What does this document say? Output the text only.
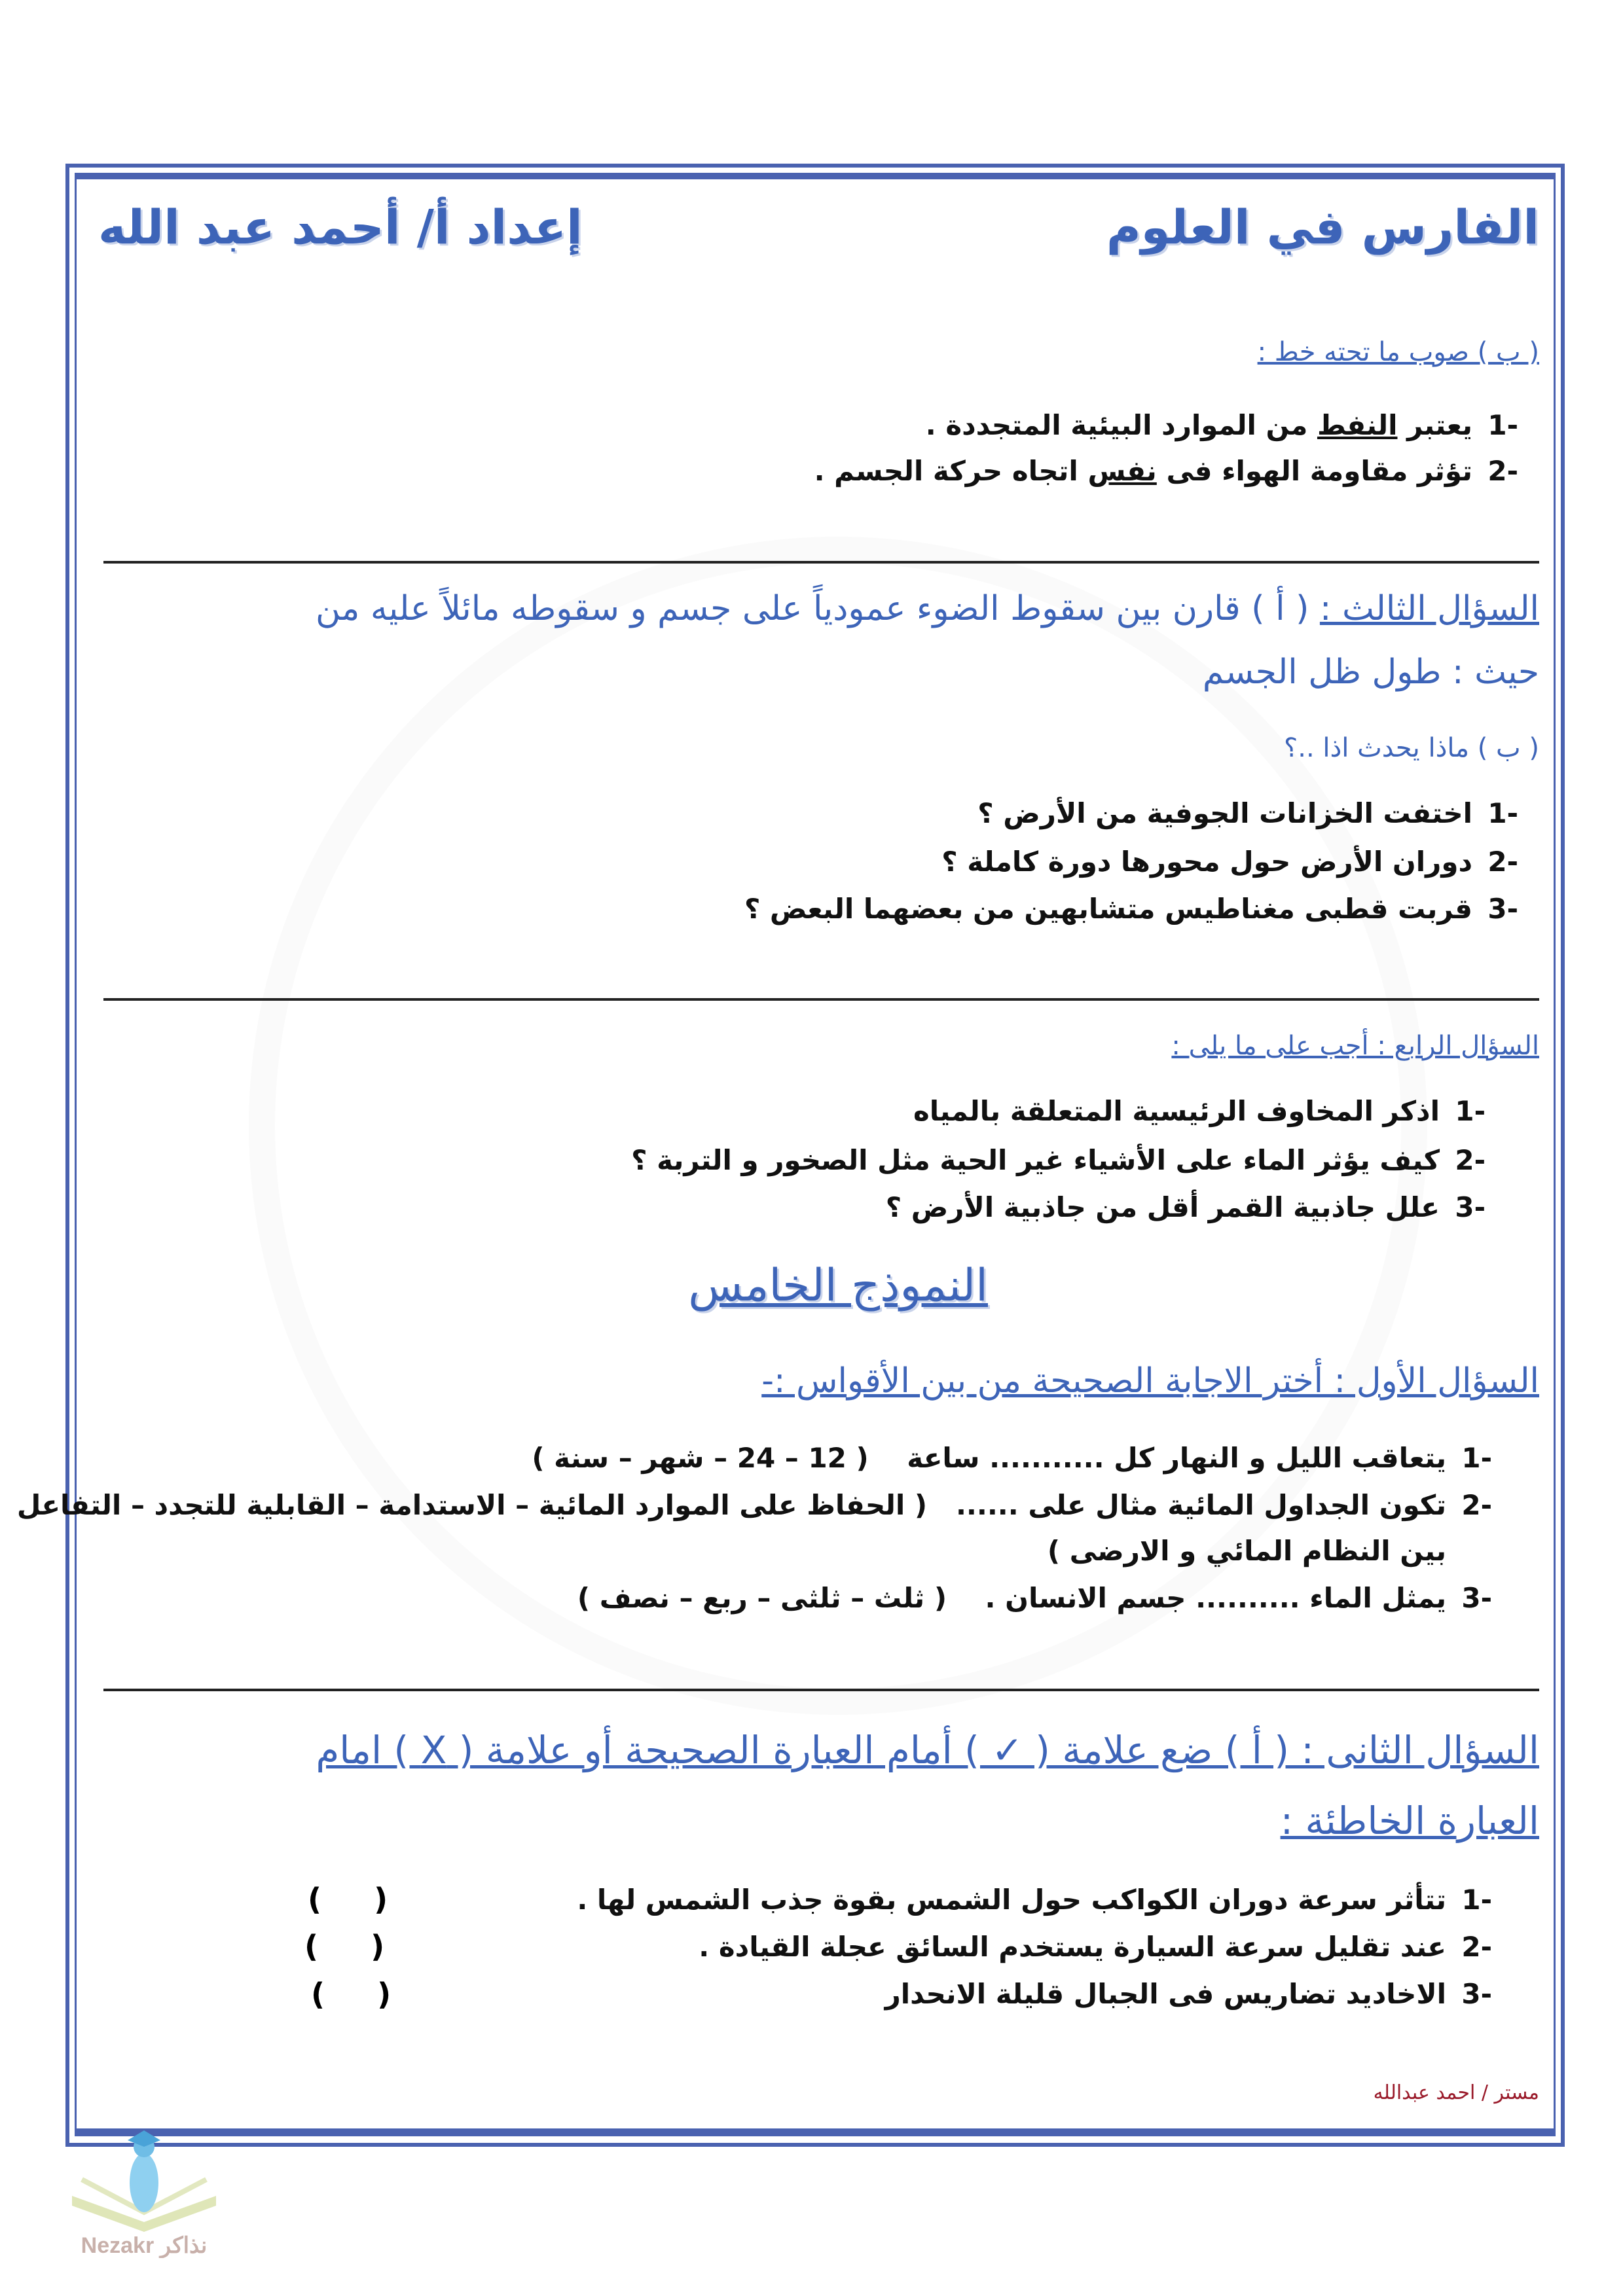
الفارس في العلوم
إعداد أ/ أحمد عبد الله
( ب ) صوب ما تحته خط :
-1يعتبر النفط من الموارد البيئية المتجددة .
-2تؤثر مقاومة الهواء فى نفس اتجاه حركة الجسم .
السؤال الثالث : ( أ ) قارن بين سقوط الضوء عمودياً على جسم و سقوطه مائلاً عليه من
حيث : طول ظل الجسم
( ب ) ماذا يحدث اذا ..؟
-1اختفت الخزانات الجوفية من الأرض ؟
-2دوران الأرض حول محورها دورة كاملة ؟
-3قربت قطبى مغناطيس متشابهين من بعضهما البعض ؟
السؤال الرابع : أجب على ما يلى :
-1اذكر المخاوف الرئيسية المتعلقة بالمياه
-2كيف يؤثر الماء على الأشياء غير الحية مثل الصخور و التربة ؟
-3علل جاذبية القمر أقل من جاذبية الأرض ؟
النموذج الخامس
السؤال الأول : أختر الاجابة الصحيحة من بين الأقواس :-
-1يتعاقب الليل و النهار كل ........... ساعة    ( 12 – 24 – شهر – سنة )
-2تكون الجداول المائية مثال على ......   ( الحفاظ على الموارد المائية – الاستدامة – القابلية للتجدد – التفاعل
بين النظام المائي و الارضى )
-3يمثل الماء .......... جسم الانسان .    ( ثلث – ثلثى – ربع – نصف )
السؤال الثانى : ( أ ) ضع علامة ( ✓ ) أمام العبارة الصحيحة أو علامة ( X ) امام
العبارة الخاطئة :
-1تتأثر سرعة دوران الكواكب حول الشمس بقوة جذب الشمس لها .
-2عند تقليل سرعة السيارة يستخدم السائق عجلة القيادة .
-3الاخاديد تضاريس فى الجبال قليلة الانحدار
(     )
(     )
(     )
مستر / احمد عبدالله
Nezakr نذاكر
